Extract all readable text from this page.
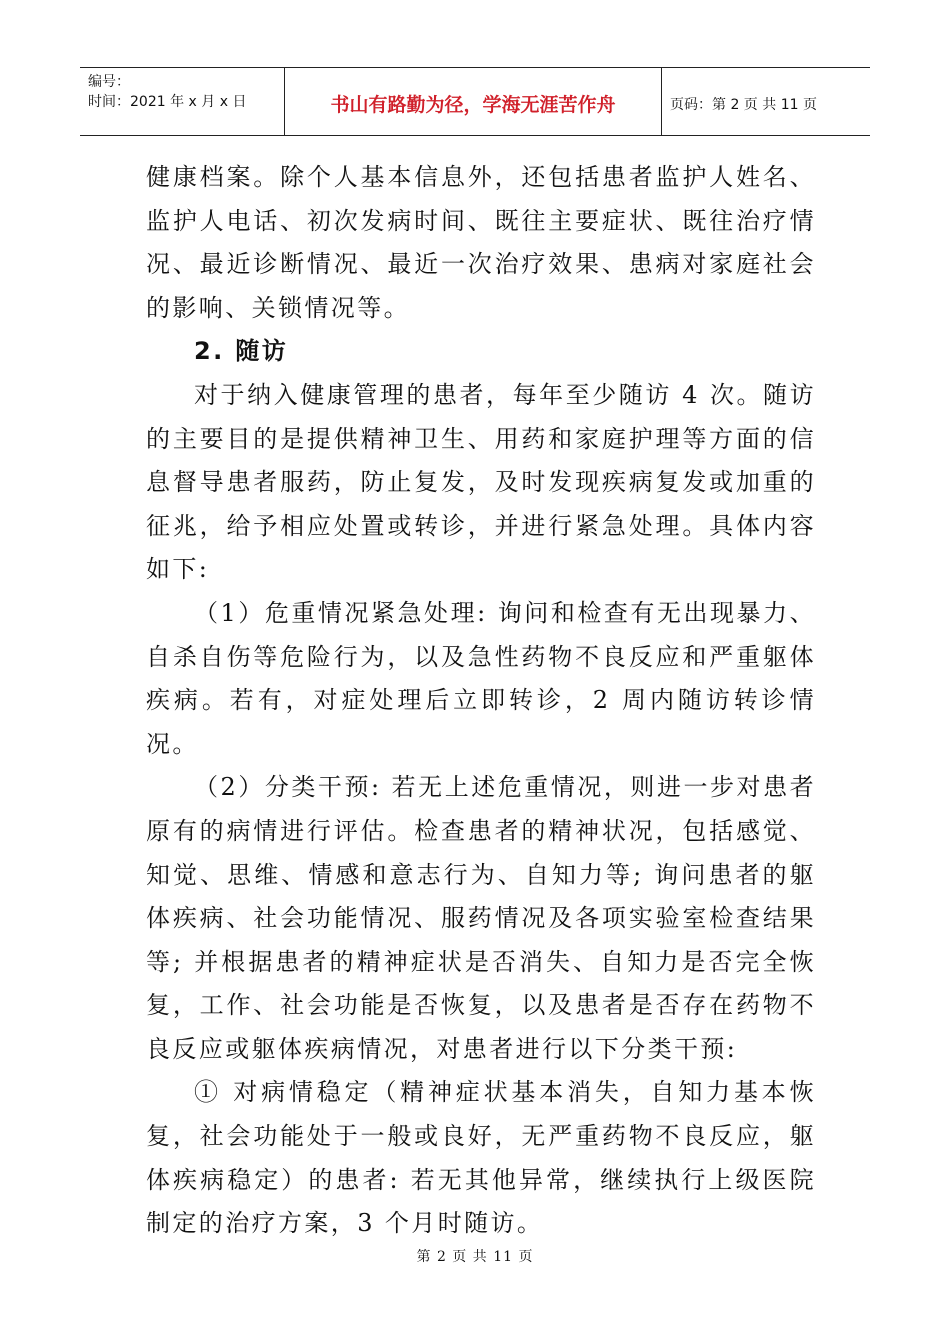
编号：
时间：2021 年 x 月 x 日	书山有路勤为径，学海无涯苦作舟	页码：第 2 页 共 11 页

健康档案。除个人基本信息外，还包括患者监护人姓名、监护人电话、初次发病时间、既往主要症状、既往治疗情况、最近诊断情况、最近一次治疗效果、患病对家庭社会的影响、关锁情况等。

2. 随访

对于纳入健康管理的患者，每年至少随访 4 次。随访的主要目的是提供精神卫生、用药和家庭护理等方面的信息督导患者服药，防止复发，及时发现疾病复发或加重的征兆，给予相应处置或转诊，并进行紧急处理。具体内容如下:

（1）危重情况紧急处理: 询问和检查有无出现暴力、自杀自伤等危险行为，以及急性药物不良反应和严重躯体疾病。若有，对症处理后立即转诊，2 周内随访转诊情况。

（2）分类干预: 若无上述危重情况，则进一步对患者原有的病情进行评估。检查患者的精神状况，包括感觉、知觉、思维、情感和意志行为、自知力等; 询问患者的躯体疾病、社会功能情况、服药情况及各项实验室检查结果等; 并根据患者的精神症状是否消失、自知力是否完全恢复，工作、社会功能是否恢复，以及患者是否存在药物不良反应或躯体疾病情况，对患者进行以下分类干预:

① 对病情稳定（精神症状基本消失，自知力基本恢复，社会功能处于一般或良好，无严重药物不良反应，躯体疾病稳定）的患者: 若无其他异常，继续执行上级医院制定的治疗方案，3 个月时随访。

第 2 页 共 11 页
